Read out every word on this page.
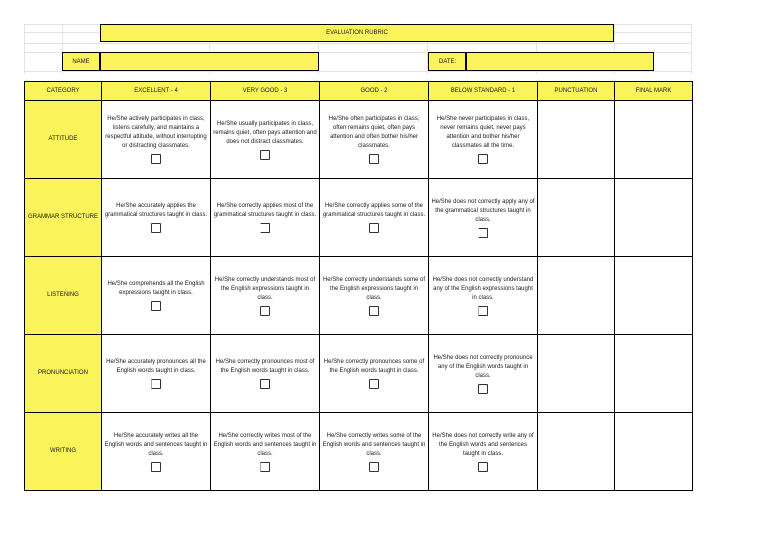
EVALUATION RUBRIC
NAME	DATE:
CATEGORY	EXCELLENT - 4	VERY GOOD - 3	GOOD - 2	BELOW STANDARD - 1	PUNCTUATION	FINAL MARK
ATTITUDE	He/She actively participates in class, listens carefully, and maintains a respectful attitude, without interrupting or distracting classmates.	He/She usually participates in class, remains quiet, often pays attention and does not distract classmates.	He/She often participates in class, often remains quiet, often pays attention and often bother his/her classmates.	He/She never participates in class, never remains quiet, never pays attention and bother his/her classmates all the time.		

GRAMMAR STRUCTURE	He/She accurately applies the grammatical structures taught in class.	He/She correctly applies most of the grammatical structures taught in class.	He/She correctly applies some of the grammatical structures taught in class.	He/She does not correctly apply any of the grammatical structures taught in class.		

LISTENING	He/She comprehends all the English expressions taught in class.	He/She correctly understands most of the English expressions taught in class.	He/She correctly understands some of the English expressions taught in class.	He/She does not correctly understand any of the English expressions taught in class.		

PRONUNCIATION	He/She accurately pronounces all the English words taught in class.	He/She correctly pronounces most of the English words taught in class.	He/She correctly pronounces some of the English words taught in class.	He/She does not correctly pronounce any of the English words taught in class.		

WRITING	He/She accurately writes all the English words and sentences taught in class.	He/She correctly writes most of the English words and sentences taught in class.	He/She correctly writes some of the English words and sentences taught in class.	He/She does not correctly write any of the English words and sentences taught in class.		
